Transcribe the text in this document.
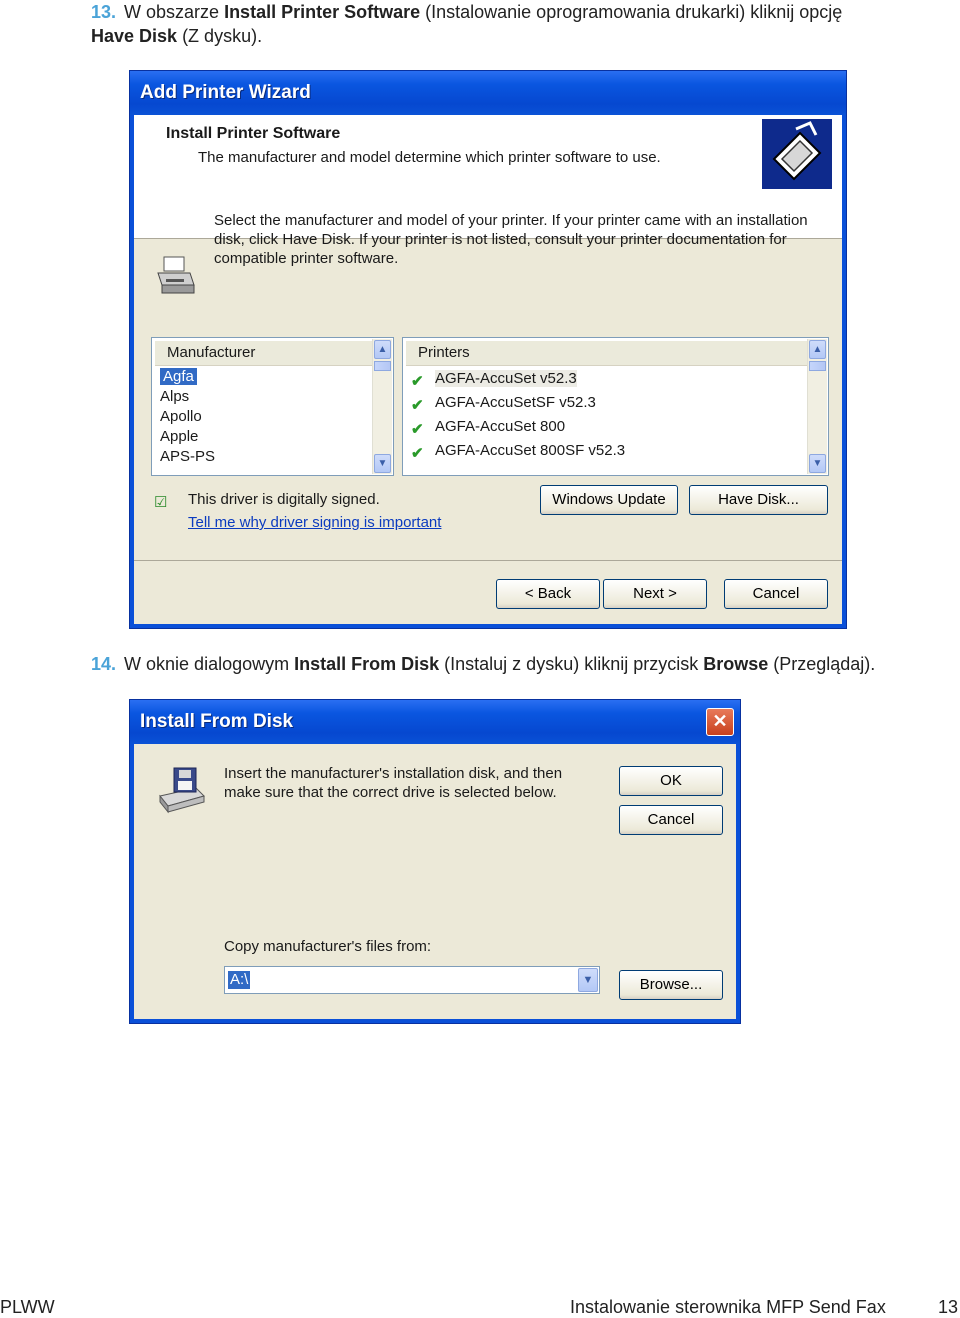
13. W obszarze Install Printer Software (Instalowanie oprogramowania drukarki) kliknij opcję
Have Disk (Z dysku).
Add Printer Wizard
Install Printer Software
The manufacturer and model determine which printer software to use.
Select the manufacturer and model of your printer. If your printer came with an installation disk, click Have Disk. If your printer is not listed, consult your printer documentation for compatible printer software.
Manufacturer
Agfa
Alps
Apollo
Apple
APS-PS
▲
▼
Printers
✔ AGFA-AccuSet v52.3
✔ AGFA-AccuSetSF v52.3
✔ AGFA-AccuSet 800
✔ AGFA-AccuSet 800SF v52.3
▲
▼
☑	This driver is digitally signed.
Tell me why driver signing is important
Windows Update	Have Disk...
< Back	Next >	Cancel
14. W oknie dialogowym Install From Disk (Instaluj z dysku) kliknij przycisk Browse (Przeglądaj).
Install From Disk	✕
Insert the manufacturer's installation disk, and then make sure that the correct drive is selected below.
OK
Cancel
Copy manufacturer's files from:
A:\	▼	Browse...
PLWW	Instalowanie sterownika MFP Send Fax	13
